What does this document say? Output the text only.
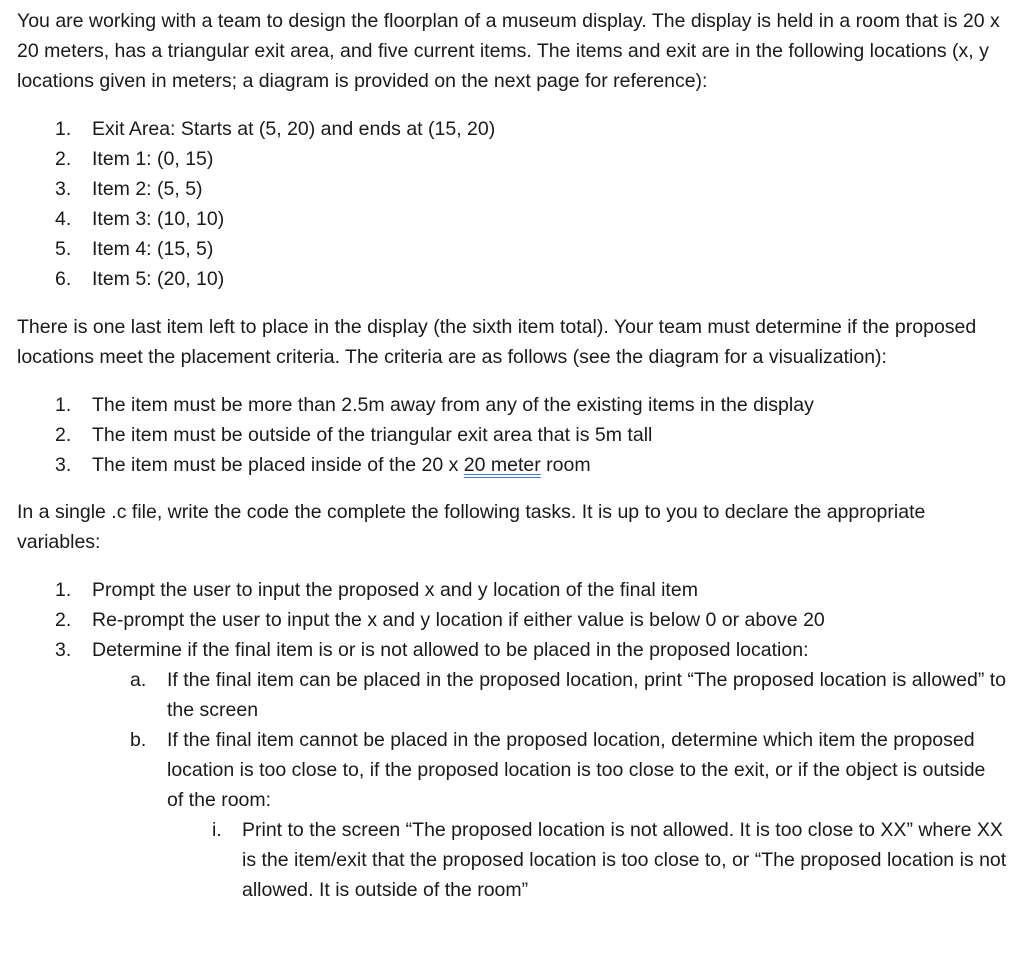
You are working with a team to design the floorplan of a museum display. The display is held in a room that is 20 x 20 meters, has a triangular exit area, and five current items. The items and exit are in the following locations (x, y locations given in meters; a diagram is provided on the next page for reference):

1.	Exit Area: Starts at (5, 20) and ends at (15, 20)
2.	Item 1: (0, 15)
3.	Item 2: (5, 5)
4.	Item 3: (10, 10)
5.	Item 4: (15, 5)
6.	Item 5: (20, 10)

There is one last item left to place in the display (the sixth item total). Your team must determine if the proposed locations meet the placement criteria. The criteria are as follows (see the diagram for a visualization):

1.	The item must be more than 2.5m away from any of the existing items in the display
2.	The item must be outside of the triangular exit area that is 5m tall
3.	The item must be placed inside of the 20 x 20 meter room

In a single .c file, write the code the complete the following tasks. It is up to you to declare the appropriate variables:

1.	Prompt the user to input the proposed x and y location of the final item
2.	Re-prompt the user to input the x and y location if either value is below 0 or above 20
3.	Determine if the final item is or is not allowed to be placed in the proposed location:
a.	If the final item can be placed in the proposed location, print “The proposed location is allowed” to the screen
b.	If the final item cannot be placed in the proposed location, determine which item the proposed location is too close to, if the proposed location is too close to the exit, or if the object is outside of the room:
i.	Print to the screen “The proposed location is not allowed. It is too close to XX” where XX is the item/exit that the proposed location is too close to, or “The proposed location is not allowed. It is outside of the room”
